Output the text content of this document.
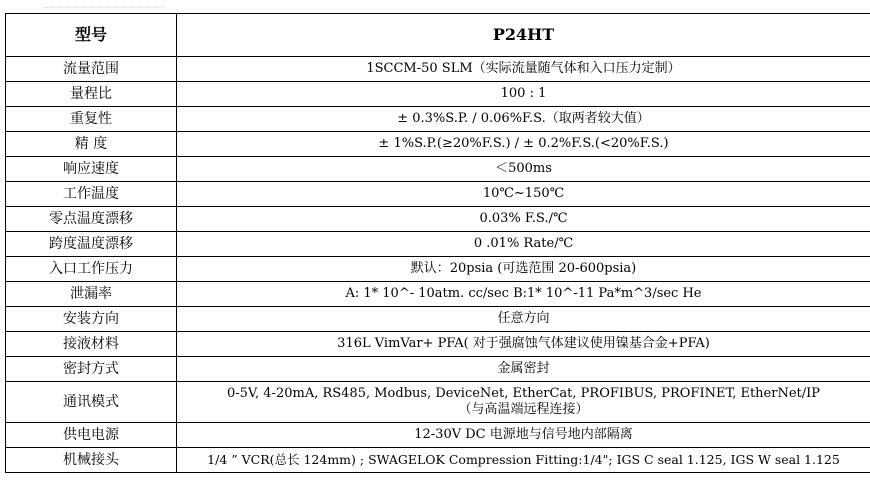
型号	P24HT
流量范围	1SCCM-50 SLM（实际流量随气体和入口压力定制）
量程比	100 : 1
重复性	± 0.3%S.P. / 0.06%F.S.（取两者较大值）
精 度	± 1%S.P.(≥20%F.S.) / ± 0.2%F.S.(<20%F.S.)
响应速度	＜500ms
工作温度	10℃~150℃
零点温度漂移	0.03% F.S./℃
跨度温度漂移	0 .01% Rate/℃
入口工作压力	默认：20psia (可选范围 20-600psia)
泄漏率	A: 1* 10^- 10atm. cc/sec B:1* 10^-11 Pa*m^3/sec He
安装方向	任意方向
接液材料	316L VimVar+ PFA( 对于强腐蚀气体建议使用镍基合金+PFA)
密封方式	金属密封
通讯模式	0-5V, 4-20mA, RS485, Modbus, DeviceNet, EtherCat, PROFIBUS, PROFINET, EtherNet/IP
（与高温端远程连接）

供电电源	12-30V DC 电源地与信号地内部隔离
机械接头	1/4 ” VCR(总长 124mm) ; SWAGELOK Compression Fitting:1/4"; IGS C seal 1.125, IGS W seal 1.125
